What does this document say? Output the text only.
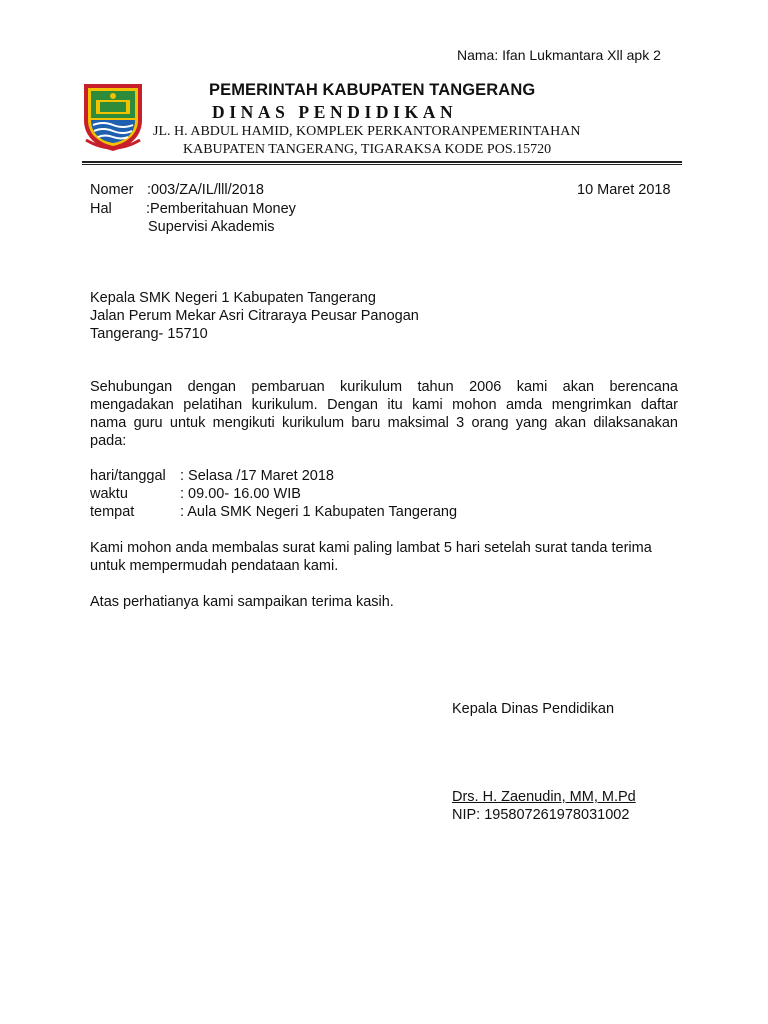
Nama: Ifan Lukmantara Xll apk 2
PEMERINTAH KABUPATEN TANGERANG
DINAS PENDIDIKAN
JL. H. ABDUL HAMID, KOMPLEK PERKANTORANPEMERINTAHAN
KABUPATEN TANGERANG, TIGARAKSA KODE POS.15720
Nomer :003/ZA/IL/lll/2018	10 Maret 2018
Hal :Pemberitahuan Money
Supervisi Akademis
Kepala SMK Negeri 1 Kabupaten Tangerang
Jalan Perum Mekar Asri Citraraya Peusar Panogan
Tangerang- 15710
Sehubungan dengan pembaruan kurikulum tahun 2006 kami akan berencana
mengadakan pelatihan kurikulum. Dengan itu kami mohon amda mengrimkan daftar
nama guru untuk mengikuti kurikulum baru maksimal 3 orang yang akan dilaksanakan
pada:
hari/tanggal : Selasa /17 Maret 2018
waktu	: 09.00- 16.00 WIB
tempat	: Aula SMK Negeri 1 Kabupaten Tangerang
Kami mohon anda membalas surat kami paling lambat 5 hari setelah surat tanda terima
untuk mempermudah pendataan kami.
Atas perhatianya kami sampaikan terima kasih.
Kepala Dinas Pendidikan
Drs. H. Zaenudin, MM, M.Pd
NIP: 195807261978031002
